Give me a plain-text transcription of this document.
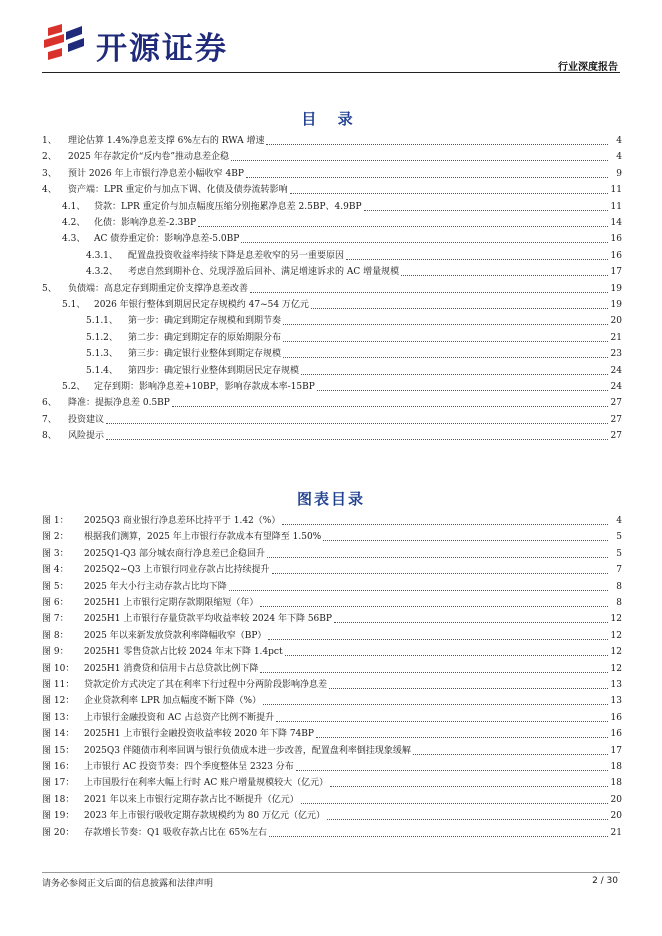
开源证券
行业深度报告
目 录
1、	理论估算 1.4%净息差支撑 6%左右的 RWA 增速	4
2、	2025 年存款定价“反内卷”推动息差企稳	4
3、	预计 2026 年上市银行净息差小幅收窄 4BP	9
4、	资产端：LPR 重定价与加点下调、化债及债券流转影响	11
4.1、 贷款：LPR 重定价与加点幅度压缩分别拖累净息差 2.5BP、4.9BP	11
4.2、 化债：影响净息差-2.3BP	14
4.3、 AC 债券重定价：影响净息差-5.0BP	16
4.3.1、	配置盘投资收益率持续下降是息差收窄的另一重要原因	16
4.3.2、	考虑自然到期补仓、兑现浮盈后回补、满足增速诉求的 AC 增量规模	17
5、	负债端：高息定存到期重定价支撑净息差改善	19
5.1、 2026 年银行整体到期居民定存规模约 47~54 万亿元	19
5.1.1、	第一步：确定到期定存规模和到期节奏	20
5.1.2、	第二步：确定到期定存的原始期限分布	21
5.1.3、	第三步：确定银行业整体到期定存规模	23
5.1.4、	第四步：确定银行业整体到期居民定存规模	24
5.2、 定存到期：影响净息差+10BP，影响存款成本率-15BP	24
6、	降准：提振净息差 0.5BP	27
7、	投资建议	27
8、	风险提示	27
图表目录
图 1：	2025Q3 商业银行净息差环比持平于 1.42（%）	4
图 2：	根据我们测算，2025 年上市银行存款成本有望降至 1.50%	5
图 3：	2025Q1-Q3 部分城农商行净息差已企稳回升	5
图 4：	2025Q2~Q3 上市银行同业存款占比持续提升	7
图 5：	2025 年大小行主动存款占比均下降	8
图 6：	2025H1 上市银行定期存款期限缩短（年）	8
图 7：	2025H1 上市银行存量贷款平均收益率较 2024 年下降 56BP	12
图 8：	2025 年以来新发放贷款利率降幅收窄（BP）	12
图 9：	2025H1 零售贷款占比较 2024 年末下降 1.4pct	12
图 10：	2025H1 消费贷和信用卡占总贷款比例下降	12
图 11：	贷款定价方式决定了其在利率下行过程中分两阶段影响净息差	13
图 12：	企业贷款利率 LPR 加点幅度不断下降（%）	13
图 13：	上市银行金融投资和 AC 占总资产比例不断提升	16
图 14：	2025H1 上市银行金融投资收益率较 2020 年下降 74BP	16
图 15：	2025Q3 伴随债市利率回调与银行负债成本进一步改善，配置盘利率倒挂现象缓解	17
图 16：	上市银行 AC 投资节奏：四个季度整体呈 2323 分布	18
图 17：	上市国股行在利率大幅上行时 AC 账户增量规模较大（亿元）	18
图 18：	2021 年以来上市银行定期存款占比不断提升（亿元）	20
图 19：	2023 年上市银行吸收定期存款规模约为 80 万亿元（亿元）	20
图 20：	存款增长节奏：Q1 吸收存款占比在 65%左右	21
请务必参阅正文后面的信息披露和法律声明	2 / 30
